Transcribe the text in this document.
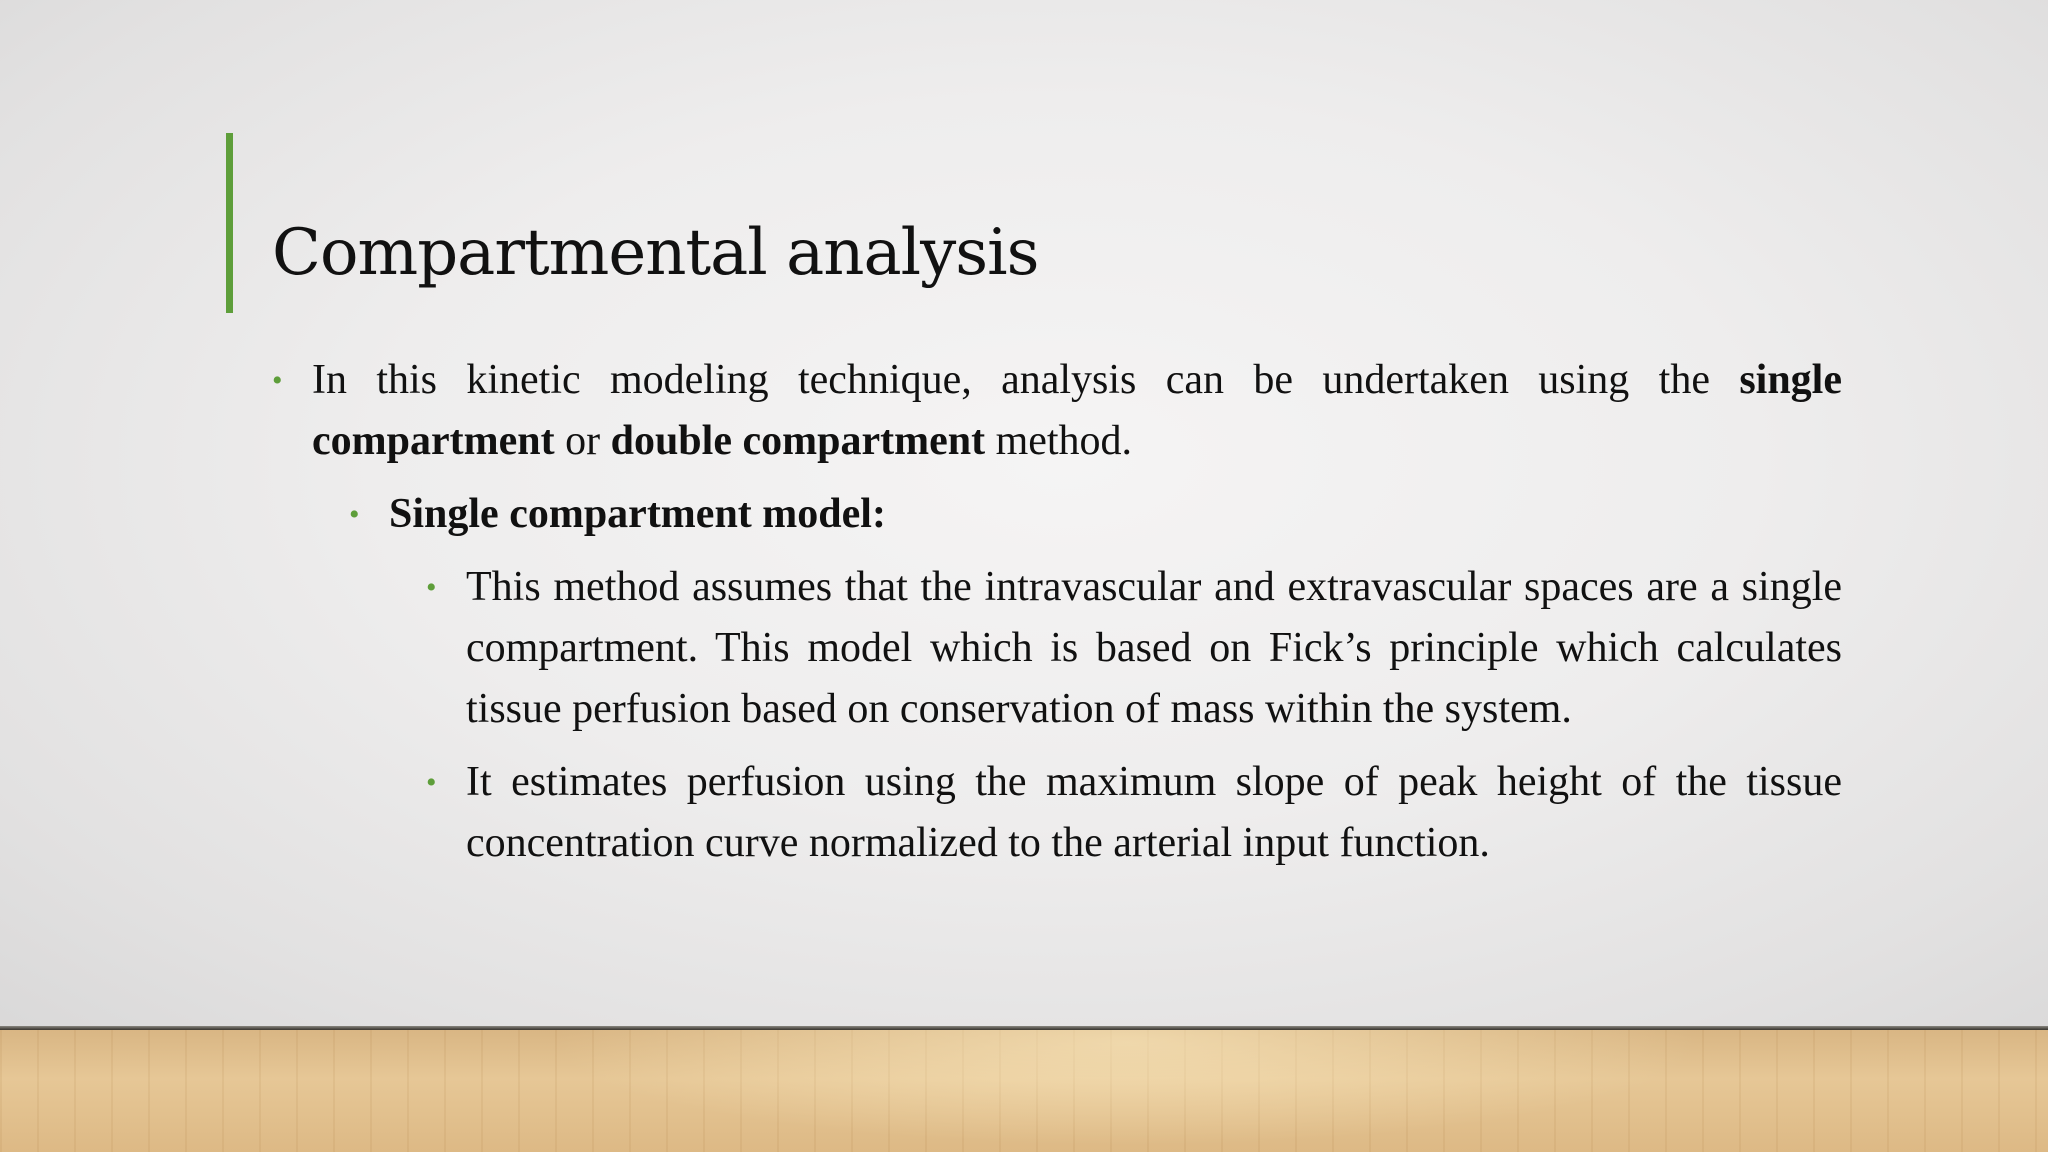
Compartmental analysis
• In this kinetic modeling technique, analysis can be undertaken using the single compartment or double compartment method.
• Single compartment model:
• This method assumes that the intravascular and extravascular spaces are a single compartment. This model which is based on Fick’s principle which calculates tissue perfusion based on conservation of mass within the system.
• It estimates perfusion using the maximum slope of peak height of the tissue concentration curve normalized to the arterial input function.
